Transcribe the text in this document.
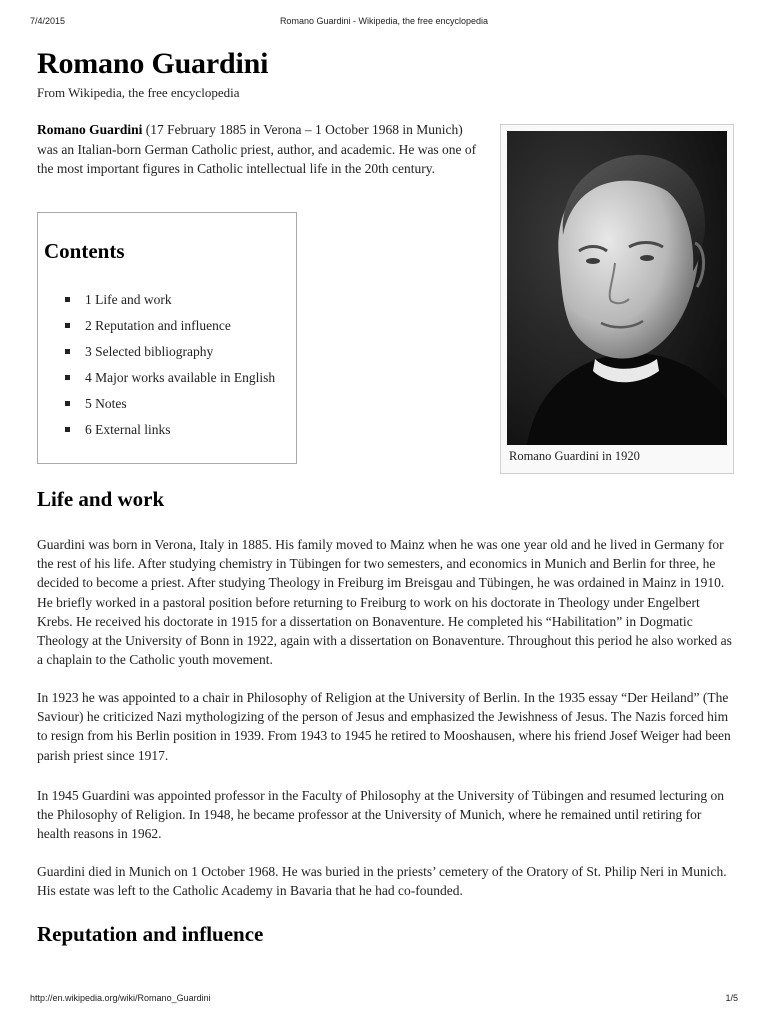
7/4/2015	Romano Guardini - Wikipedia, the free encyclopedia
Romano Guardini
From Wikipedia, the free encyclopedia
Romano Guardini (17 February 1885 in Verona – 1 October 1968 in Munich) was an Italian-born German Catholic priest, author, and academic. He was one of the most important figures in Catholic intellectual life in the 20th century.
Contents
1 Life and work
2 Reputation and influence
3 Selected bibliography
4 Major works available in English
5 Notes
6 External links
Romano Guardini in 1920
Life and work
Guardini was born in Verona, Italy in 1885. His family moved to Mainz when he was one year old and he lived in Germany for the rest of his life. After studying chemistry in Tübingen for two semesters, and economics in Munich and Berlin for three, he decided to become a priest. After studying Theology in Freiburg im Breisgau and Tübingen, he was ordained in Mainz in 1910. He briefly worked in a pastoral position before returning to Freiburg to work on his doctorate in Theology under Engelbert Krebs. He received his doctorate in 1915 for a dissertation on Bonaventure. He completed his “Habilitation” in Dogmatic Theology at the University of Bonn in 1922, again with a dissertation on Bonaventure. Throughout this period he also worked as a chaplain to the Catholic youth movement.
In 1923 he was appointed to a chair in Philosophy of Religion at the University of Berlin. In the 1935 essay “Der Heiland” (The Saviour) he criticized Nazi mythologizing of the person of Jesus and emphasized the Jewishness of Jesus. The Nazis forced him to resign from his Berlin position in 1939. From 1943 to 1945 he retired to Mooshausen, where his friend Josef Weiger had been parish priest since 1917.
In 1945 Guardini was appointed professor in the Faculty of Philosophy at the University of Tübingen and resumed lecturing on the Philosophy of Religion. In 1948, he became professor at the University of Munich, where he remained until retiring for health reasons in 1962.
Guardini died in Munich on 1 October 1968. He was buried in the priests’ cemetery of the Oratory of St. Philip Neri in Munich. His estate was left to the Catholic Academy in Bavaria that he had co-founded.
Reputation and influence
http://en.wikipedia.org/wiki/Romano_Guardini	1/5
